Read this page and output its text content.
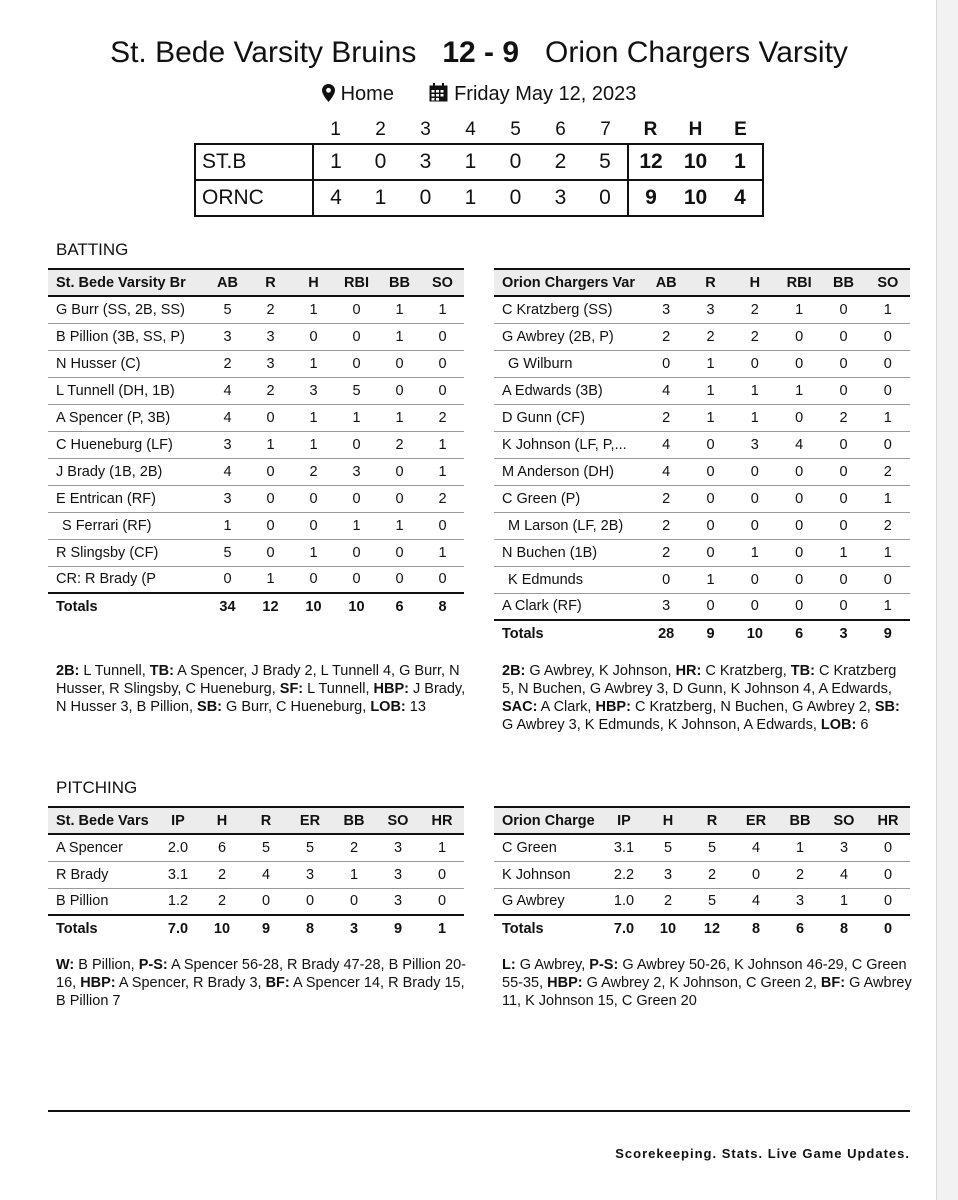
St. Bede Varsity Bruins 12 - 9 Orion Chargers Varsity
Home	Friday May 12, 2023
	1	2	3	4	5	6	7	R	H	E
ST.B	1	0	3	1	0	2	5	12	10	1
ORNC	4	1	0	1	0	3	0	9	10	4
BATTING
St. Bede Varsity Br	AB	R	H	RBI	BB	SO
G Burr (SS, 2B, SS)	5	2	1	0	1	1
B Pillion (3B, SS, P)	3	3	0	0	1	0
N Husser (C)	2	3	1	0	0	0
L Tunnell (DH, 1B)	4	2	3	5	0	0
A Spencer (P, 3B)	4	0	1	1	1	2
C Hueneburg (LF)	3	1	1	0	2	1
J Brady (1B, 2B)	4	0	2	3	0	1
E Entrican (RF)	3	0	0	0	0	2
S Ferrari (RF)	1	0	0	1	1	0
R Slingsby (CF)	5	0	1	0	0	1
CR: R Brady (P	0	1	0	0	0	0
Totals	34	12	10	10	6	8
Orion Chargers Var	AB	R	H	RBI	BB	SO
C Kratzberg (SS)	3	3	2	1	0	1
G Awbrey (2B, P)	2	2	2	0	0	0
G Wilburn	0	1	0	0	0	0
A Edwards (3B)	4	1	1	1	0	0
D Gunn (CF)	2	1	1	0	2	1
K Johnson (LF, P,...	4	0	3	4	0	0
M Anderson (DH)	4	0	0	0	0	2
C Green (P)	2	0	0	0	0	1
M Larson (LF, 2B)	2	0	0	0	0	2
N Buchen (1B)	2	0	1	0	1	1
K Edmunds	0	1	0	0	0	0
A Clark (RF)	3	0	0	0	0	1
Totals	28	9	10	6	3	9
2B: L Tunnell, TB: A Spencer, J Brady 2, L Tunnell 4, G Burr, N Husser, R Slingsby, C Hueneburg, SF: L Tunnell, HBP: J Brady, N Husser 3, B Pillion, SB: G Burr, C Hueneburg, LOB: 13
2B: G Awbrey, K Johnson, HR: C Kratzberg, TB: C Kratzberg 5, N Buchen, G Awbrey 3, D Gunn, K Johnson 4, A Edwards, SAC: A Clark, HBP: C Kratzberg, N Buchen, G Awbrey 2, SB: G Awbrey 3, K Edmunds, K Johnson, A Edwards, LOB: 6
PITCHING
St. Bede Vars	IP	H	R	ER	BB	SO	HR
A Spencer	2.0	6	5	5	2	3	1
R Brady	3.1	2	4	3	1	3	0
B Pillion	1.2	2	0	0	0	3	0
Totals	7.0	10	9	8	3	9	1
Orion Charge	IP	H	R	ER	BB	SO	HR
C Green	3.1	5	5	4	1	3	0
K Johnson	2.2	3	2	0	2	4	0
G Awbrey	1.0	2	5	4	3	1	0
Totals	7.0	10	12	8	6	8	0
W: B Pillion, P-S: A Spencer 56-28, R Brady 47-28, B Pillion 20-16, HBP: A Spencer, R Brady 3, BF: A Spencer 14, R Brady 15, B Pillion 7
L: G Awbrey, P-S: G Awbrey 50-26, K Johnson 46-29, C Green 55-35, HBP: G Awbrey 2, K Johnson, C Green 2, BF: G Awbrey 11, K Johnson 15, C Green 20
Scorekeeping. Stats. Live Game Updates.
